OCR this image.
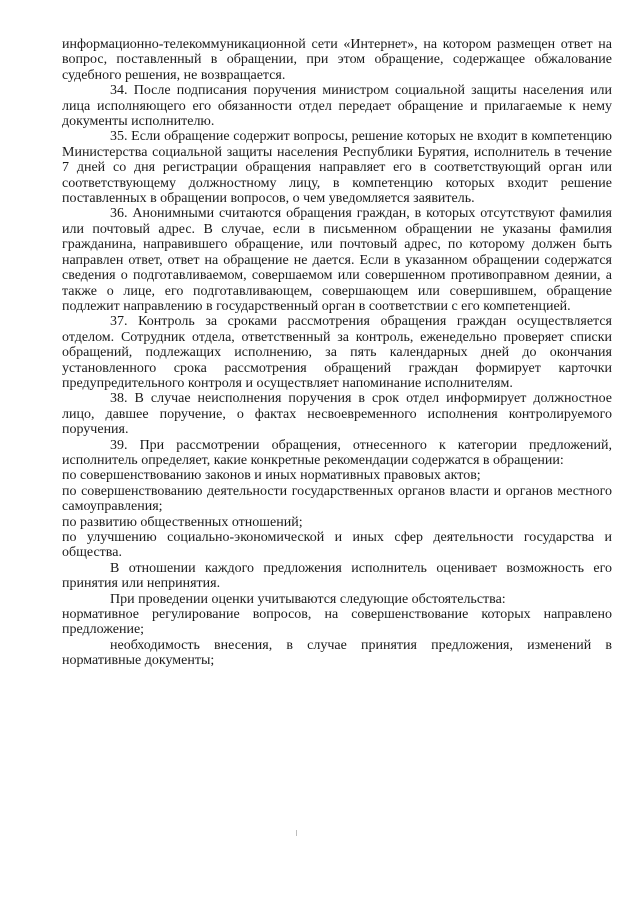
информационно-телекоммуникационной сети «Интернет», на котором размещен ответ на вопрос, поставленный в обращении, при этом обращение, содержащее обжалование судебного решения, не возвращается.

34. После подписания поручения министром социальной защиты населения или лица исполняющего его обязанности отдел передает обращение и прилагаемые к нему документы исполнителю.

35. Если обращение содержит вопросы, решение которых не входит в компетенцию Министерства социальной защиты населения Республики Бурятия, исполнитель в течение 7 дней со дня регистрации обращения направляет его в соответствующий орган или соответствующему должностному лицу, в компетенцию которых входит решение поставленных в обращении вопросов, о чем уведомляется заявитель.

36. Анонимными считаются обращения граждан, в которых отсутствуют фамилия или почтовый адрес. В случае, если в письменном обращении не указаны фамилия гражданина, направившего обращение, или почтовый адрес, по которому должен быть направлен ответ, ответ на обращение не дается. Если в указанном обращении содержатся сведения о подготавливаемом, совершаемом или совершенном противоправном деянии, а также о лице, его подготавливающем, совершающем или совершившем, обращение подлежит направлению в государственный орган в соответствии с его компетенцией.

37. Контроль за сроками рассмотрения обращения граждан осуществляется отделом. Сотрудник отдела, ответственный за контроль, еженедельно проверяет списки обращений, подлежащих исполнению, за пять календарных дней до окончания установленного срока рассмотрения обращений граждан формирует карточки предупредительного контроля и осуществляет напоминание исполнителям.

38. В случае неисполнения поручения в срок отдел информирует должностное лицо, давшее поручение, о фактах несвоевременного исполнения контролируемого поручения.

39. При рассмотрении обращения, отнесенного к категории предложений, исполнитель определяет, какие конкретные рекомендации содержатся в обращении:

по совершенствованию законов и иных нормативных правовых актов;

по совершенствованию деятельности государственных органов власти и органов местного самоуправления;

по развитию общественных отношений;

по улучшению социально-экономической и иных сфер деятельности государства и общества.

В отношении каждого предложения исполнитель оценивает возможность его принятия или непринятия.

При проведении оценки учитываются следующие обстоятельства:

нормативное регулирование вопросов, на совершенствование которых направлено предложение;

необходимость внесения, в случае принятия предложения, изменений в нормативные документы;
